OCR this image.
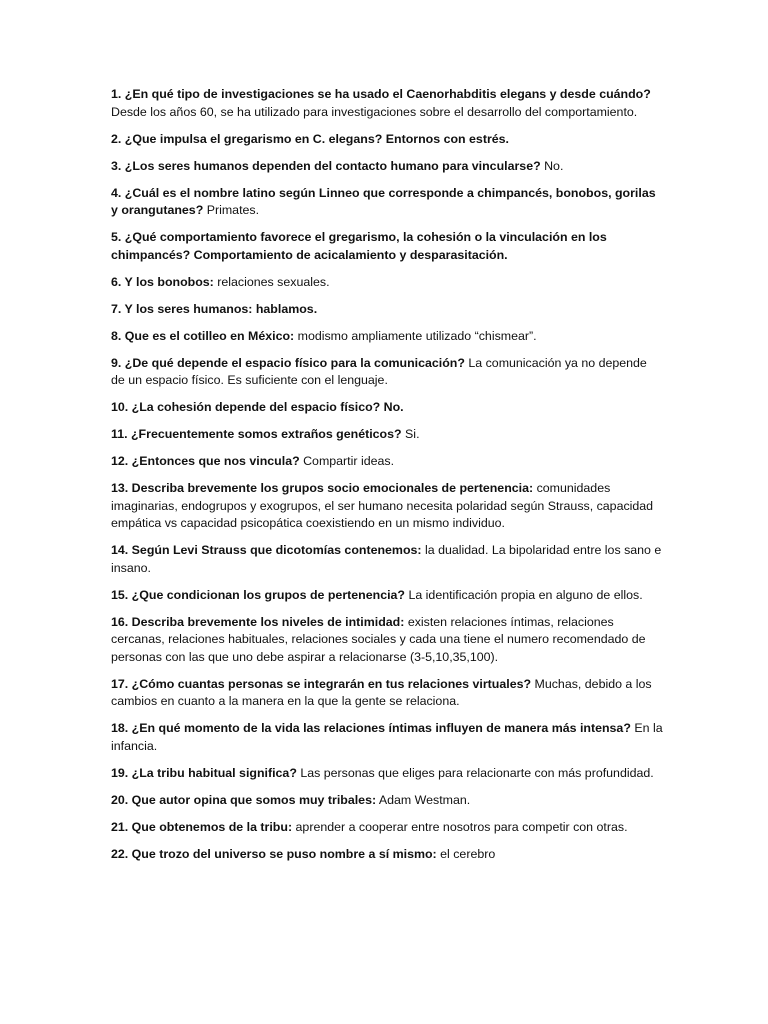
1. ¿En qué tipo de investigaciones se ha usado el Caenorhabditis elegans y desde cuándo? Desde los años 60, se ha utilizado para investigaciones sobre el desarrollo del comportamiento.

2. ¿Que impulsa el gregarismo en C. elegans? Entornos con estrés.

3. ¿Los seres humanos dependen del contacto humano para vincularse? No.

4. ¿Cuál es el nombre latino según Linneo que corresponde a chimpancés, bonobos, gorilas y orangutanes? Primates.

5. ¿Qué comportamiento favorece el gregarismo, la cohesión o la vinculación en los chimpancés? Comportamiento de acicalamiento y desparasitación.

6. Y los bonobos: relaciones sexuales.

7. Y los seres humanos: hablamos.

8. Que es el cotilleo en México: modismo ampliamente utilizado “chismear”.

9. ¿De qué depende el espacio físico para la comunicación? La comunicación ya no depende de un espacio físico. Es suficiente con el lenguaje.

10. ¿La cohesión depende del espacio físico? No.

11. ¿Frecuentemente somos extraños genéticos? Si.

12. ¿Entonces que nos vincula? Compartir ideas.

13. Describa brevemente los grupos socio emocionales de pertenencia: comunidades imaginarias, endogrupos y exogrupos, el ser humano necesita polaridad según Strauss, capacidad empática vs capacidad psicopática coexistiendo en un mismo individuo.

14. Según Levi Strauss que dicotomías contenemos: la dualidad. La bipolaridad entre los sano e insano.

15. ¿Que condicionan los grupos de pertenencia? La identificación propia en alguno de ellos.

16. Describa brevemente los niveles de intimidad: existen relaciones íntimas, relaciones cercanas, relaciones habituales, relaciones sociales y cada una tiene el numero recomendado de personas con las que uno debe aspirar a relacionarse (3-5,10,35,100).

17. ¿Cómo cuantas personas se integrarán en tus relaciones virtuales? Muchas, debido a los cambios en cuanto a la manera en la que la gente se relaciona.

18. ¿En qué momento de la vida las relaciones íntimas influyen de manera más intensa? En la infancia.

19. ¿La tribu habitual significa? Las personas que eliges para relacionarte con más profundidad.

20. Que autor opina que somos muy tribales: Adam Westman.

21. Que obtenemos de la tribu: aprender a cooperar entre nosotros para competir con otras.

22. Que trozo del universo se puso nombre a sí mismo: el cerebro
